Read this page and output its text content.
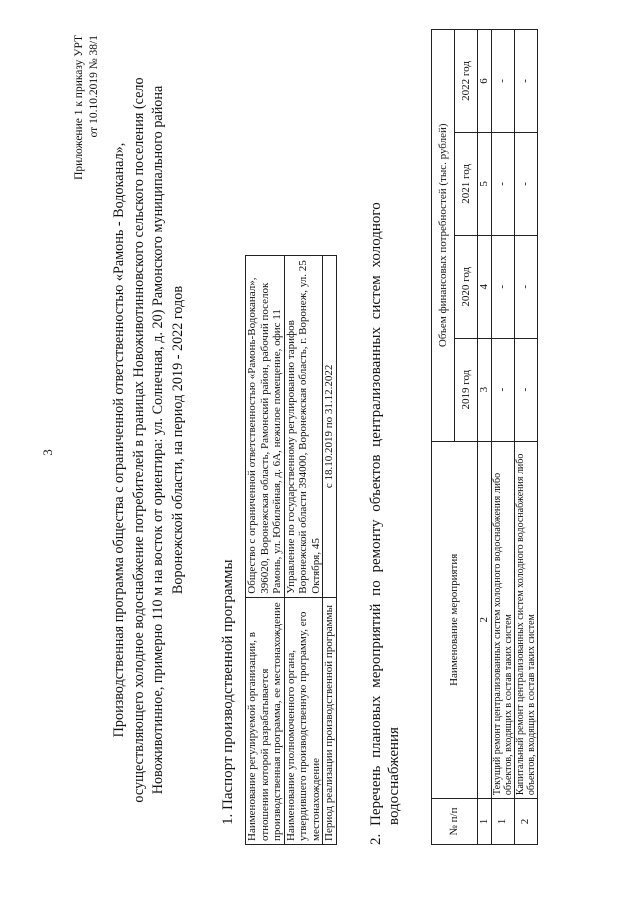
3
Приложение 1 к приказу УРТ от 10.10.2019 № 38/1
Производственная программа общества с ограниченной ответственностью «Рамонь - Водоканал», осуществляющего холодное водоснабжение потребителей в границах Новоживотинновского сельского поселения (село Новоживотинное, примерно 110 м на восток от ориентира: ул. Солнечная, д. 20) Рамонского муниципального района Воронежской области, на период 2019 - 2022 годов
1. Паспорт производственной программы Наименование регулируемой организации, в отношении которой разрабатывается производственная программа, ее местонахождение	Общество с ограниченной ответственностью «Рамонь-Водоканал», 396020, Воронежская область, Рамонский район, рабочий поселок Рамонь, ул. Юбилейная, д. 6А, нежилое помещение, офис 11
Наименование уполномоченного органа, утвердившего производственную программу, его местонахождение	Управление по государственному регулированию тарифов Воронежской области 394000, Воронежская область, г. Воронеж, ул. 25 Октября, 45
Период реализации производственной программы	с 18.10.2019 по 31.12.2022 2. Перечень плановых мероприятий по ремонту объектов централизованных систем холодного водоснабжения	№ п/п	Наименование мероприятия	Объем финансовых потребностей (тыс. рублей)			
		2019 год	2020 год	2021 год	2022 год
1	2	3	4	5	6
1	Текущий ремонт централизованных систем холодного водоснабжения либо объектов, входящих в состав таких систем	-	-	-	-
2	Капитальный ремонт централизованных систем холодного водоснабжения либо объектов, входящих в состав таких систем	-	-	-	-
